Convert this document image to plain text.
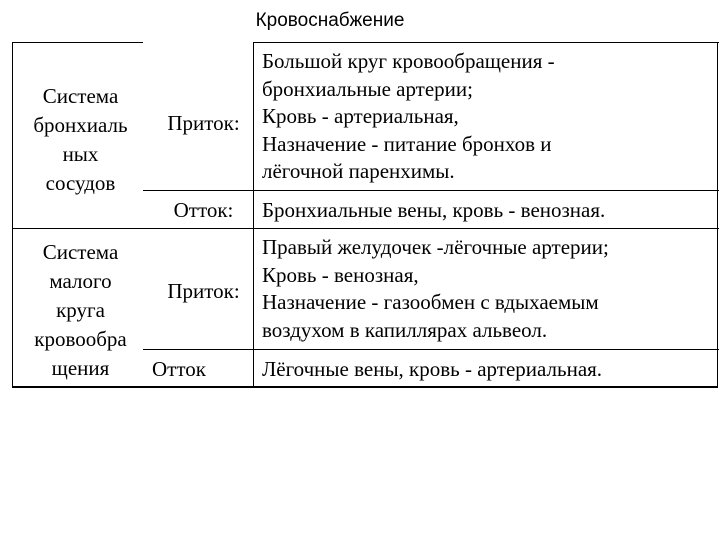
Кровоснабжение
Система
бронхиаль
ных
сосудов
Приток:
Большой круг кровообращения -
бронхиальные артерии;
Кровь - артериальная,
Назначение - питание бронхов и
лёгочной паренхимы.
Отток:	Бронхиальные вены, кровь - венозная.
Система
малого
круга
кровообра
щения
Приток:
Правый желудочек -лёгочные артерии;
Кровь - венозная,
Назначение - газообмен с вдыхаемым
воздухом в капиллярах альвеол.
Отток	Лёгочные вены, кровь - артериальная.
